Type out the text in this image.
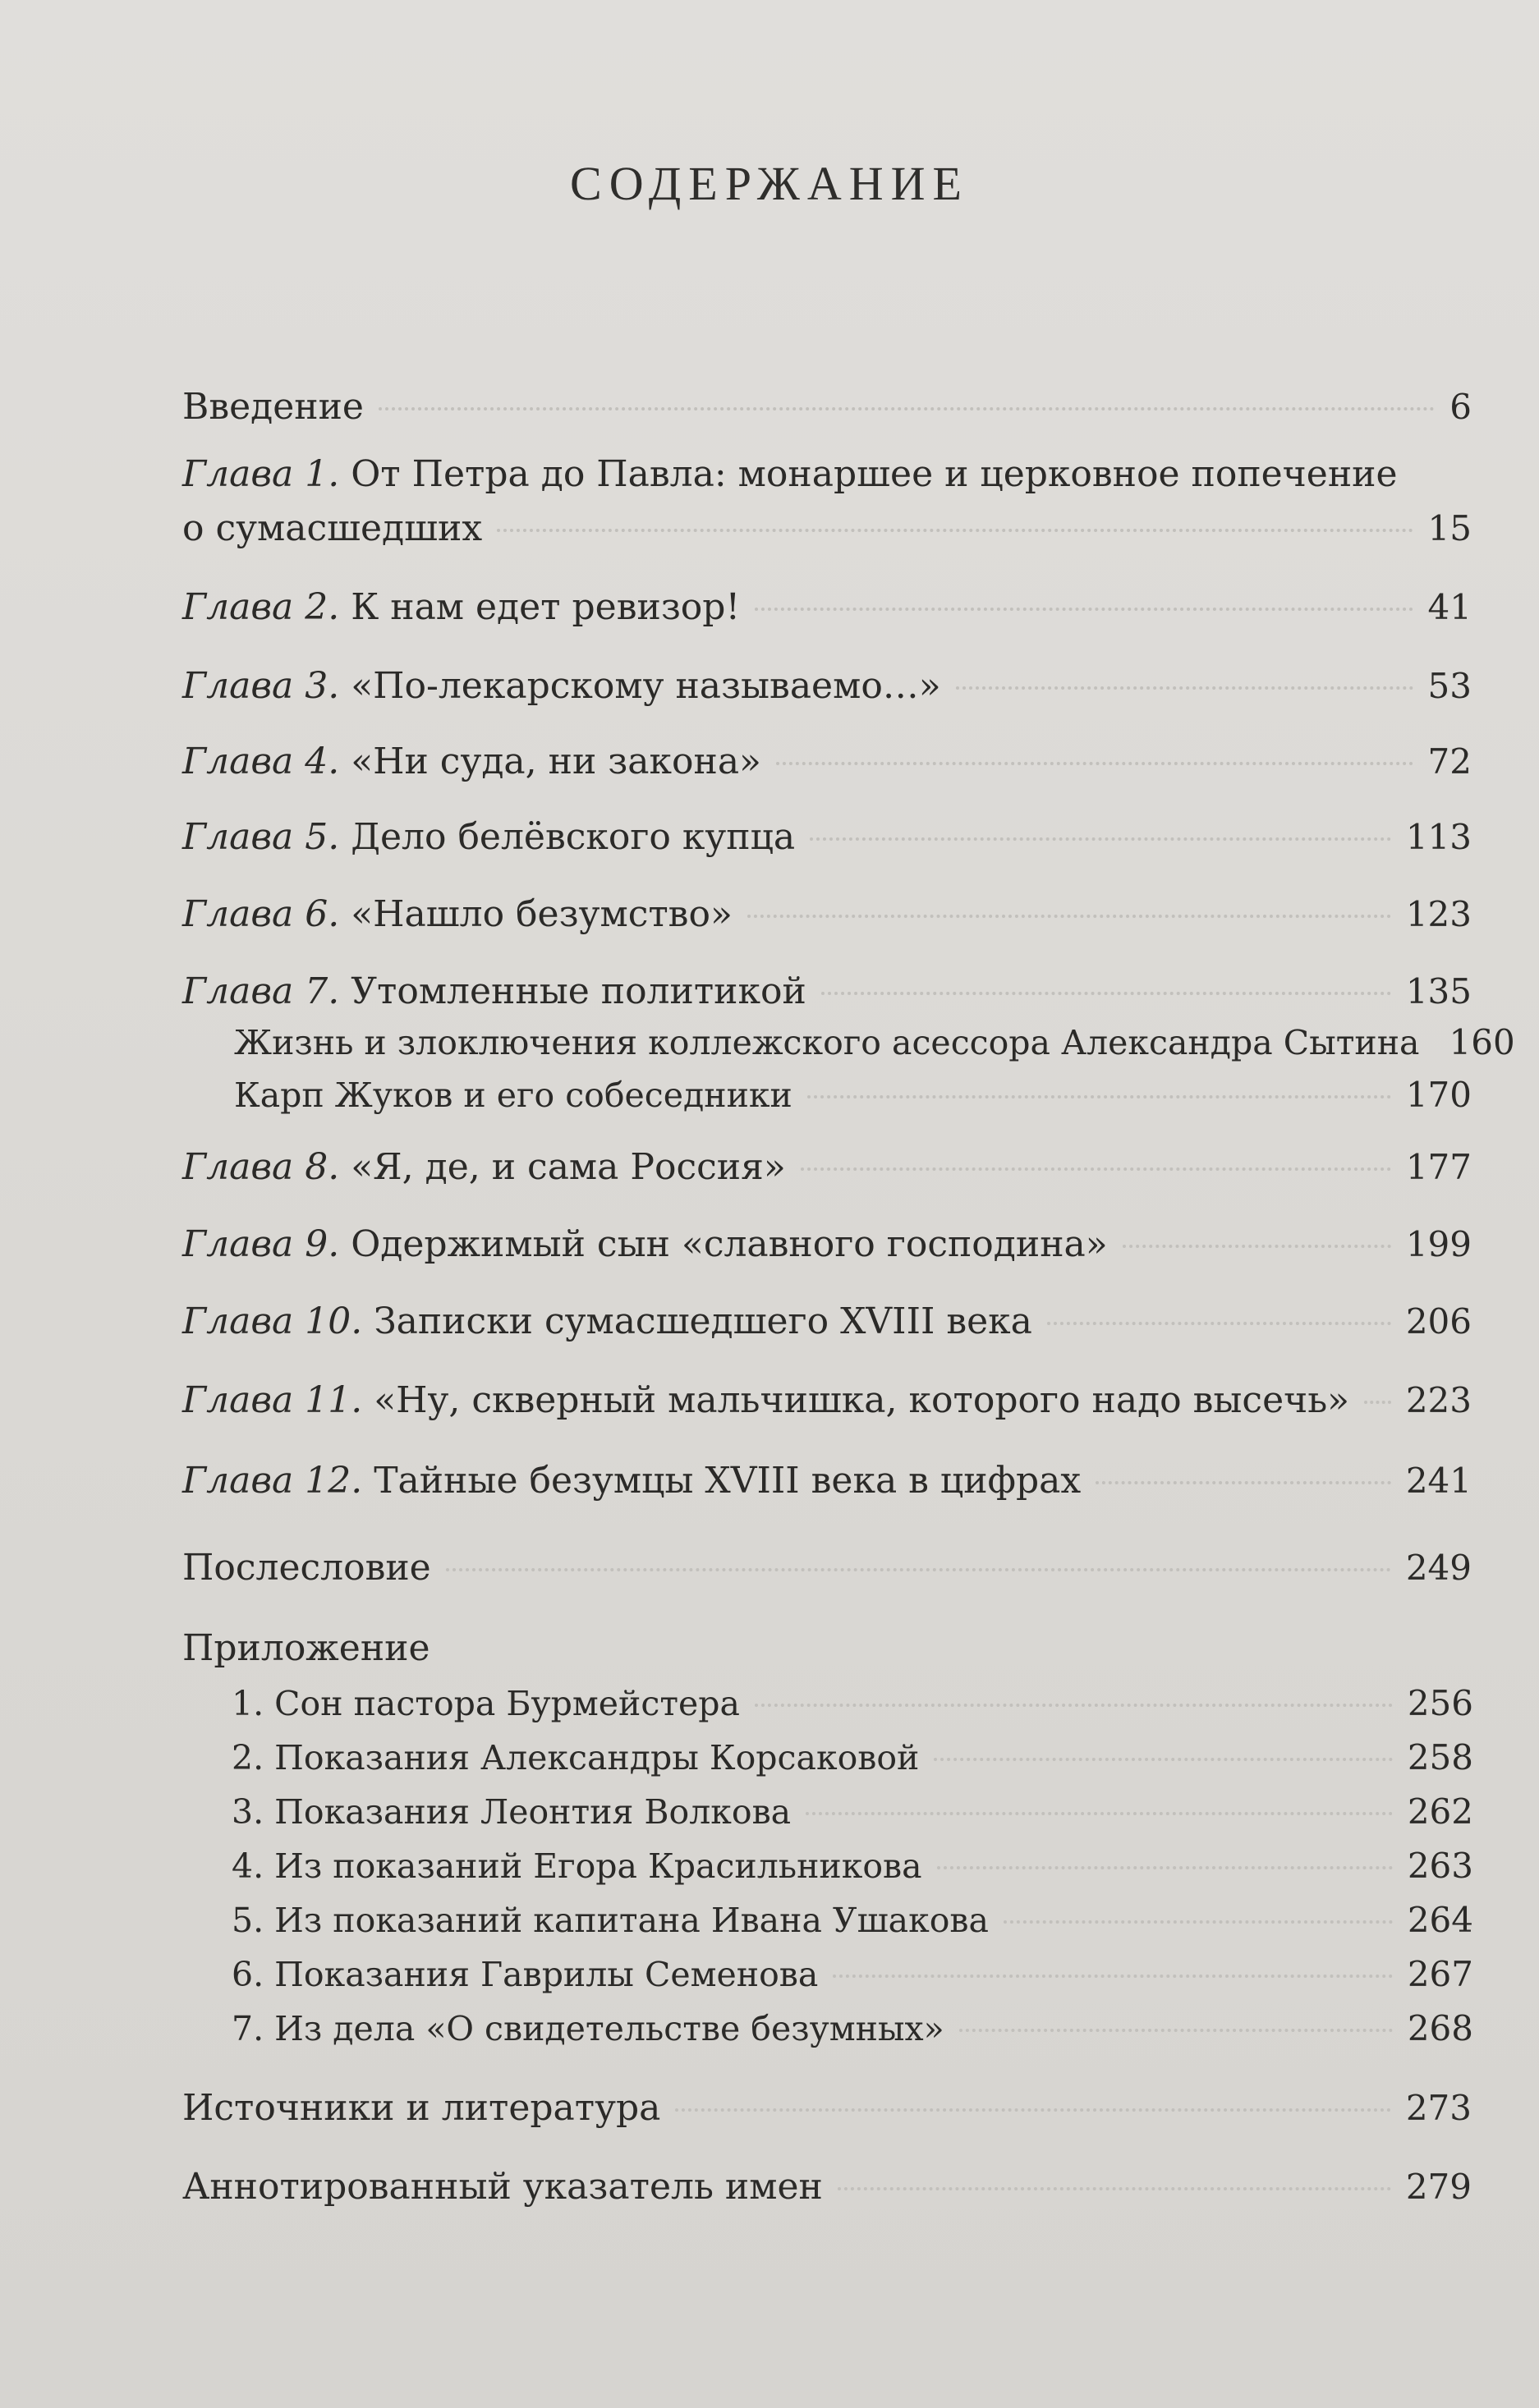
СОДЕРЖАНИЕ
Введение	6
Глава 1. От Петра до Павла: монаршее и церковное попечение
о сумасшедших	15
Глава 2. К нам едет ревизор!	41
Глава 3. «По-лекарскому называемо…»	53
Глава 4. «Ни суда, ни закона»	72
Глава 5. Дело белёвского купца	113
Глава 6. «Нашло безумство»	123
Глава 7. Утомленные политикой	135
Жизнь и злоключения коллежского асессора Александра Сытина 160
Карп Жуков и его собеседники	170
Глава 8. «Я, де, и сама Россия»	177
Глава 9. Одержимый сын «славного господина»	199
Глава 10. Записки сумасшедшего XVIII века	206
Глава 11. «Ну, скверный мальчишка, которого надо высечь» 223
Глава 12. Тайные безумцы XVIII века в цифрах	241
Послесловие	249
Приложение
1. Сон пастора Бурмейстера	256
2. Показания Александры Корсаковой	258
3. Показания Леонтия Волкова	262
4. Из показаний Егора Красильникова	263
5. Из показаний капитана Ивана Ушакова	264
6. Показания Гаврилы Семенова	267
7. Из дела «О свидетельстве безумных»	268
Источники и литература	273
Аннотированный указатель имен	279
